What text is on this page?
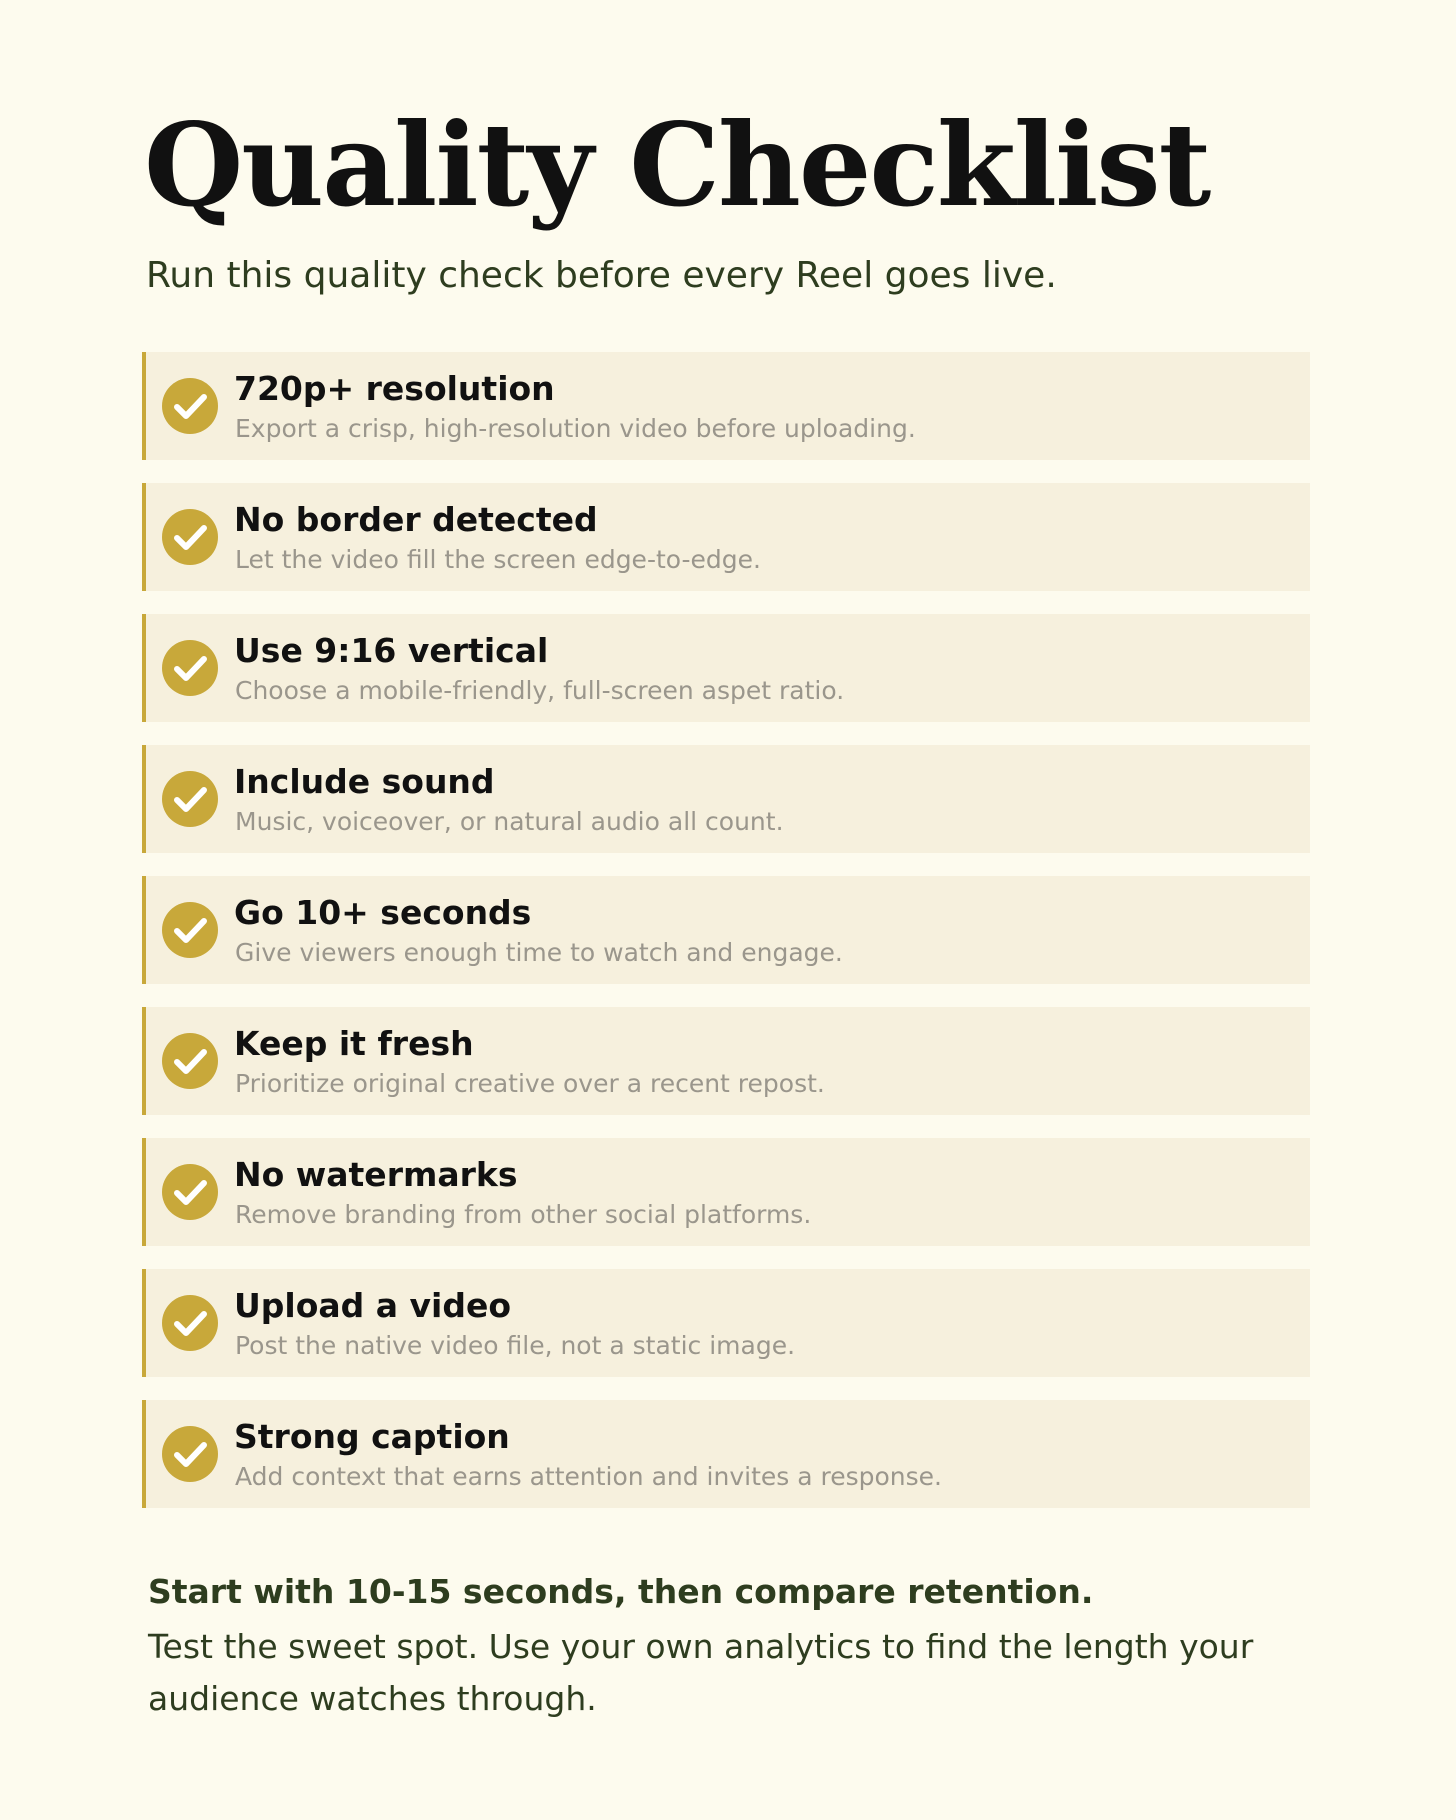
Quality Checklist

Run this quality check before every Reel goes live.

720p+ resolution
Export a crisp, high-resolution video before uploading.
No border detected
Let the video fill the screen edge-to-edge.
Use 9:16 vertical
Choose a mobile-friendly, full-screen aspet ratio.
Include sound
Music, voiceover, or natural audio all count.
Go 10+ seconds
Give viewers enough time to watch and engage.
Keep it fresh
Prioritize original creative over a recent repost.
No watermarks
Remove branding from other social platforms.
Upload a video
Post the native video file, not a static image.
Strong caption
Add context that earns attention and invites a response.

Start with 10-15 seconds, then compare retention.

Test the sweet spot. Use your own analytics to find the length your audience watches through.
